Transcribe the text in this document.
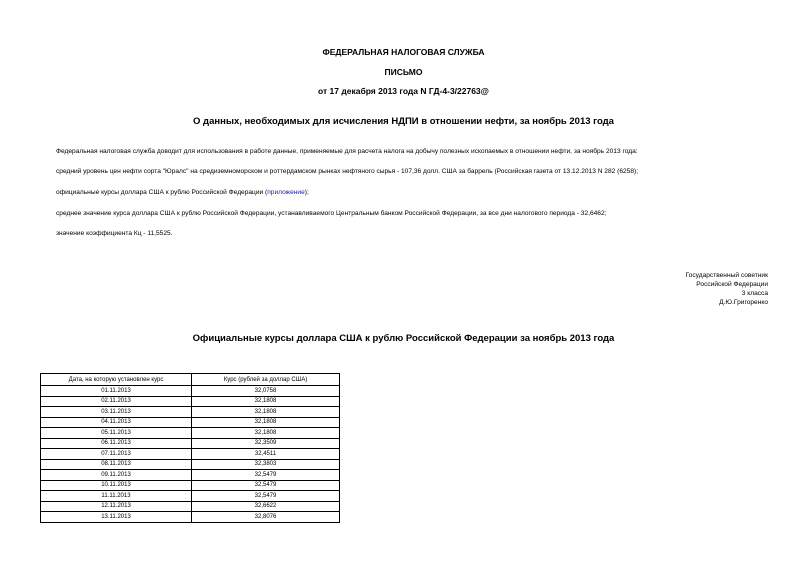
ФЕДЕРАЛЬНАЯ НАЛОГОВАЯ СЛУЖБА
ПИСЬМО
от 17 декабря 2013 года N ГД-4-3/22763@
О данных, необходимых для исчисления НДПИ в отношении нефти, за ноябрь 2013 года
Федеральная налоговая служба доводит для использования в работе данные, применяемые для расчета налога на добычу полезных ископаемых в отношении нефти, за ноябрь 2013 года:
средний уровень цен нефти сорта "Юралс" на средиземноморском и роттердамском рынках нефтяного сырья - 107,36 долл. США за баррель (Российская газета от 13.12.2013 N 282 (6258);
официальные курсы доллара США к рублю Российской Федерации (приложение);
среднее значение курса доллара США к рублю Российской Федерации, устанавливаемого Центральным банком Российской Федерации, за все дни налогового периода - 32,6462;
значение коэффициента Кц - 11,5525.
Государственный советник
Российской Федерации
3 класса
Д.Ю.Григоренко
Официальные курсы доллара США к рублю Российской Федерации за ноябрь 2013 года
Дата, на которую установлен курс	Курс (рублей за доллар США)
01.11.2013	32,0758
02.11.2013	32,1808
03.11.2013	32,1808
04.11.2013	32,1808
05.11.2013	32,1808
06.11.2013	32,3509
07.11.2013	32,4511
08.11.2013	32,3803
09.11.2013	32,5479
10.11.2013	32,5479
11.11.2013	32,5479
12.11.2013	32,6622
13.11.2013	32,8076
